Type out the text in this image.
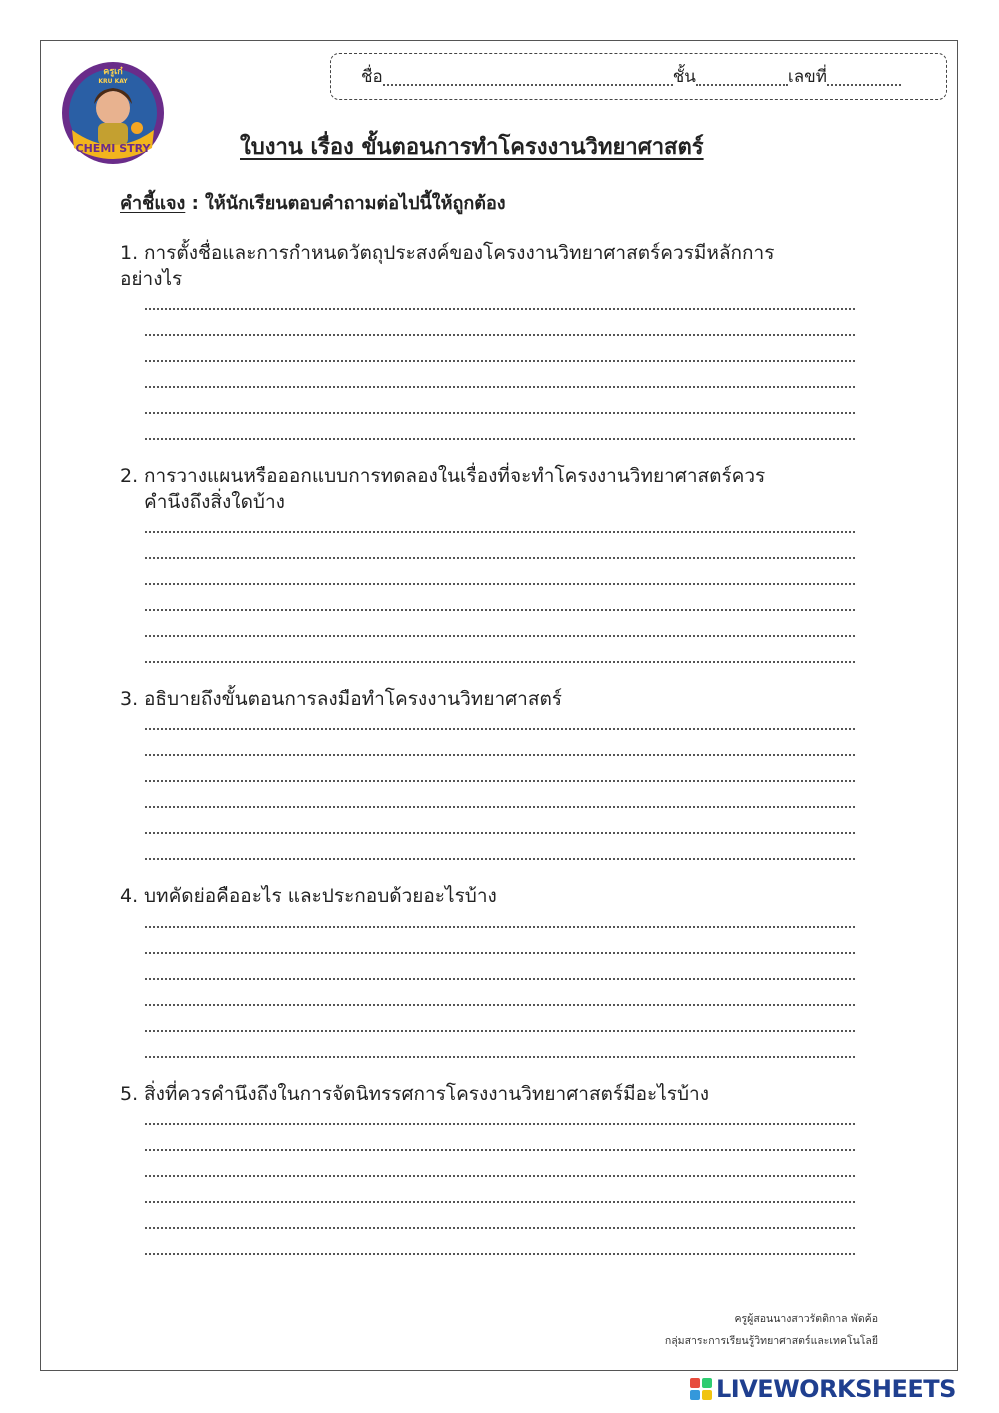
CHEMI STRY
ครูเก๋
KRU KAY	ชื่อ	ชั้น	เลขที่
ใบงาน เรื่อง ขั้นตอนการทำโครงงานวิทยาศาสตร์
คำชี้แจง : ให้นักเรียนตอบคำถามต่อไปนี้ให้ถูกต้อง
1. การตั้งชื่อและการกำหนดวัตถุประสงค์ของโครงงานวิทยาศาสตร์ควรมีหลักการ
อย่างไร
2. การวางแผนหรือออกแบบการทดลองในเรื่องที่จะทำโครงงานวิทยาศาสตร์ควร
คำนึงถึงสิ่งใดบ้าง
3. อธิบายถึงขั้นตอนการลงมือทำโครงงานวิทยาศาสตร์
4. บทคัดย่อคืออะไร และประกอบด้วยอะไรบ้าง
5. สิ่งที่ควรคำนึงถึงในการจัดนิทรรศการโครงงานวิทยาศาสตร์มีอะไรบ้าง
ครูผู้สอนนางสาวรัตติกาล พัดค้อ
กลุ่มสาระการเรียนรู้วิทยาศาสตร์และเทคโนโลยี
LIVEWORKSHEETS
